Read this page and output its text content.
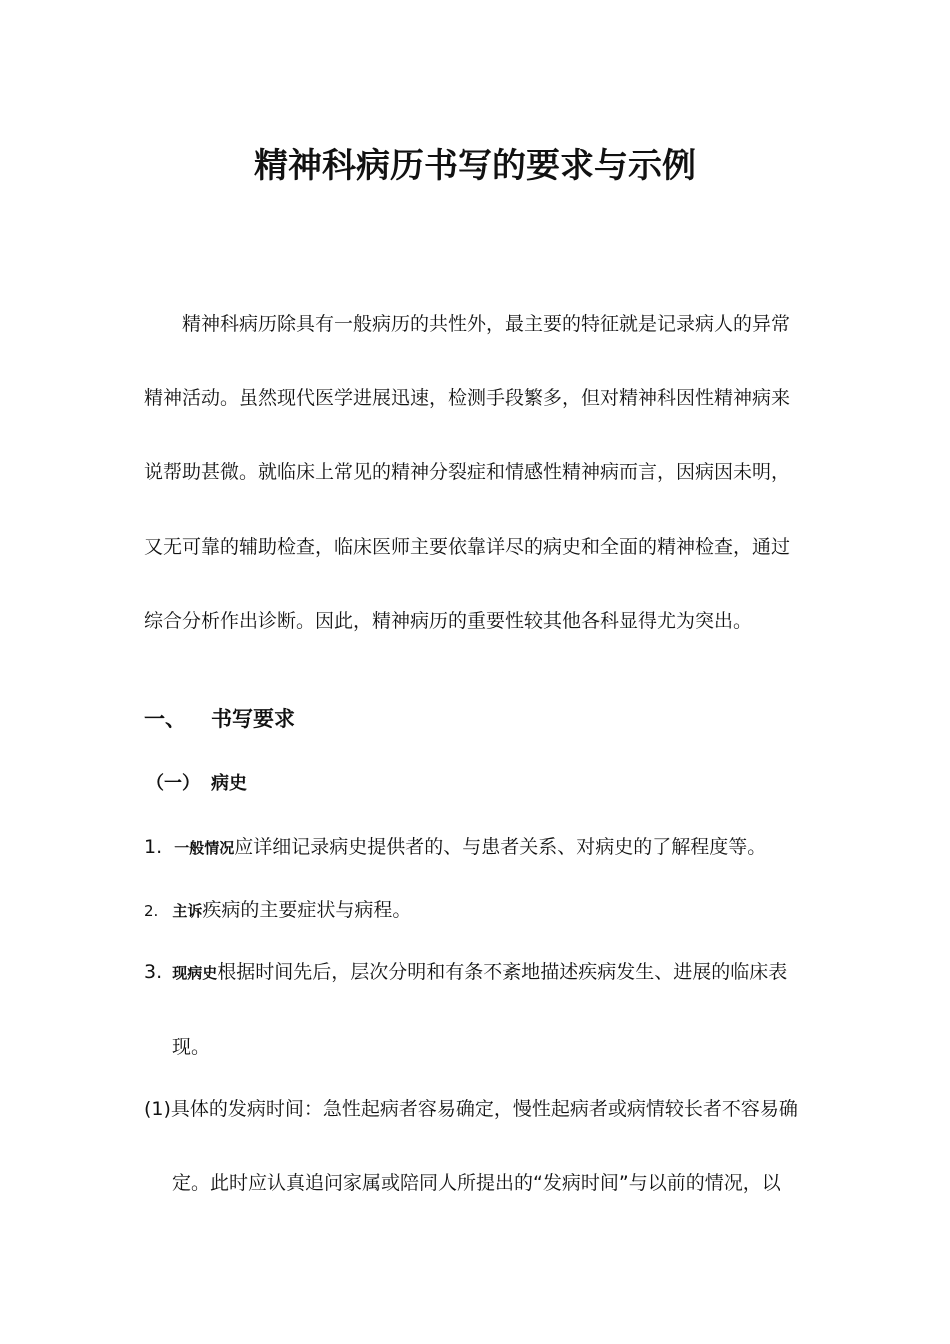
精神科病历书写的要求与示例
精神科病历除具有一般病历的共性外，最主要的特征就是记录病人的异常
精神活动。虽然现代医学进展迅速，检测手段繁多，但对精神科因性精神病来
说帮助甚微。就临床上常见的精神分裂症和情感性精神病而言，因病因未明，
又无可靠的辅助检查，临床医师主要依靠详尽的病史和全面的精神检查，通过
综合分析作出诊断。因此，精神病历的重要性较其他各科显得尤为突出。
一、 书写要求
（一） 病史
1. 一般情况应详细记录病史提供者的、与患者关系、对病史的了解程度等。
2. 主诉疾病的主要症状与病程。
3. 现病史根据时间先后，层次分明和有条不紊地描述疾病发生、进展的临床表
现。
(1)具体的发病时间：急性起病者容易确定，慢性起病者或病情较长者不容易确
定。此时应认真追问家属或陪同人所提出的“发病时间”与以前的情况，以
